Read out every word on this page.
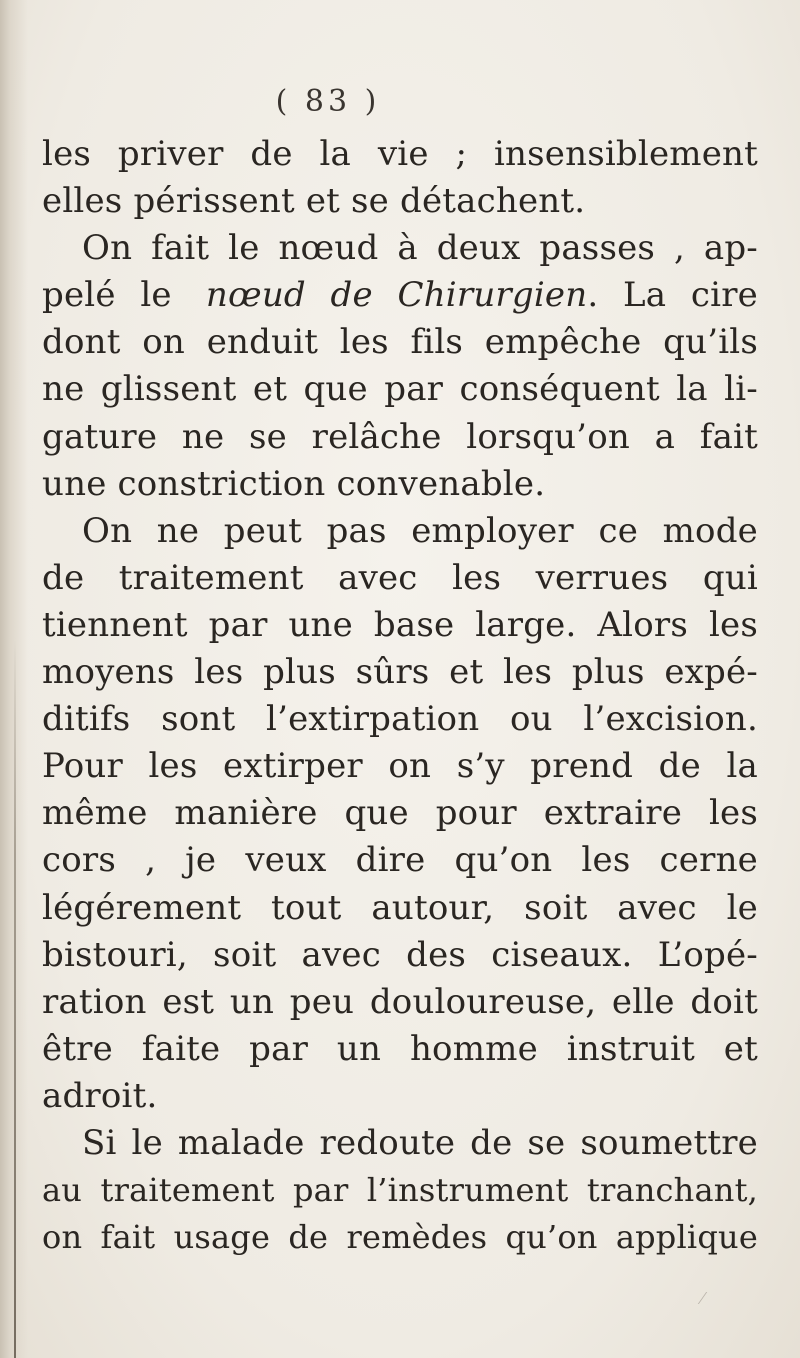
( 83 )
les priver de la vie ; insensiblement
elles périssent et se détachent.
On fait le nœud à deux passes , ap-
pelé le nœud de Chirurgien. La cire
dont on enduit les fils empêche qu’ils
ne glissent et que par conséquent la li-
gature ne se relâche lorsqu’on a fait
une constriction convenable.
On ne peut pas employer ce mode
de traitement avec les verrues qui
tiennent par une base large. Alors les
moyens les plus sûrs et les plus expé-
ditifs sont l’extirpation ou l’excision.
Pour les extirper on s’y prend de la
même manière que pour extraire les
cors , je veux dire qu’on les cerne
légérement tout autour, soit avec le
bistouri, soit avec des ciseaux. L’opé-
ration est un peu douloureuse, elle doit
être faite par un homme instruit et
adroit.
Si le malade redoute de se soumettre
au traitement par l’instrument tranchant,
on fait usage de remèdes qu’on applique
